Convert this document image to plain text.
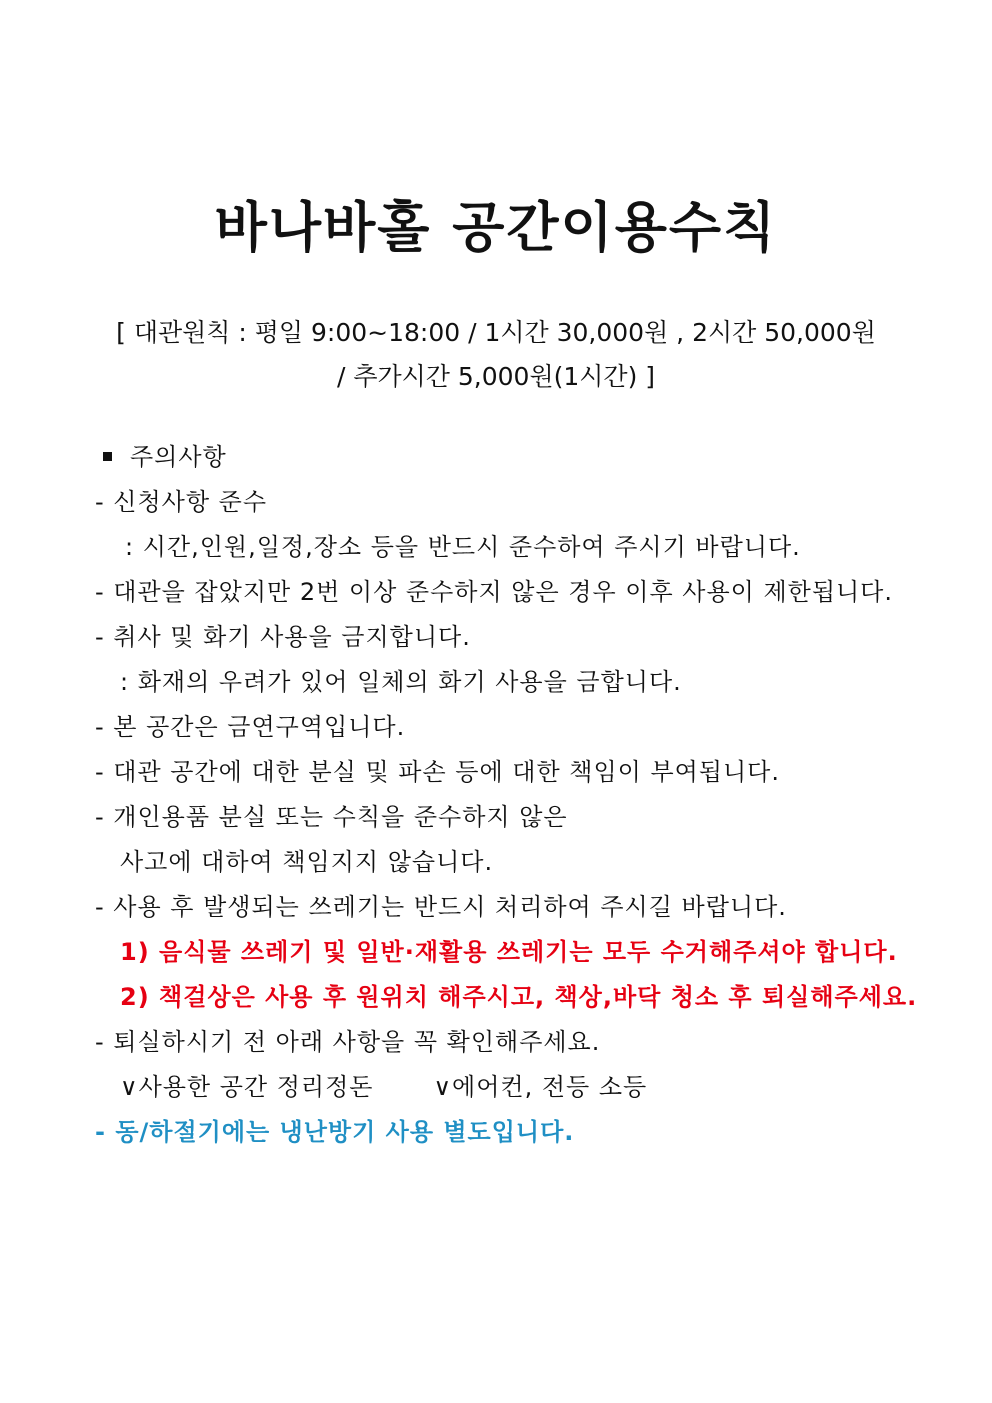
바나바홀 공간이용수칙
[ 대관원칙 : 평일 9:00~18:00 / 1시간 30,000원 , 2시간 50,000원
/ 추가시간 5,000원(1시간) ]
주의사항
- 신청사항 준수
: 시간,인원,일정,장소 등을 반드시 준수하여 주시기 바랍니다.
- 대관을 잡았지만 2번 이상 준수하지 않은 경우 이후 사용이 제한됩니다.
- 취사 및 화기 사용을 금지합니다.
: 화재의 우려가 있어 일체의 화기 사용을 금합니다.
- 본 공간은 금연구역입니다.
- 대관 공간에 대한 분실 및 파손 등에 대한 책임이 부여됩니다.
- 개인용품 분실 또는 수칙을 준수하지 않은
사고에 대하여 책임지지 않습니다.
- 사용 후 발생되는 쓰레기는 반드시 처리하여 주시길 바랍니다.
1) 음식물 쓰레기 및 일반·재활용 쓰레기는 모두 수거해주셔야 합니다.
2) 책걸상은 사용 후 원위치 해주시고, 책상,바닥 청소 후 퇴실해주세요.
- 퇴실하시기 전 아래 사항을 꼭 확인해주세요.
∨사용한 공간 정리정돈	∨에어컨, 전등 소등
- 동/하절기에는 냉난방기 사용 별도입니다.
